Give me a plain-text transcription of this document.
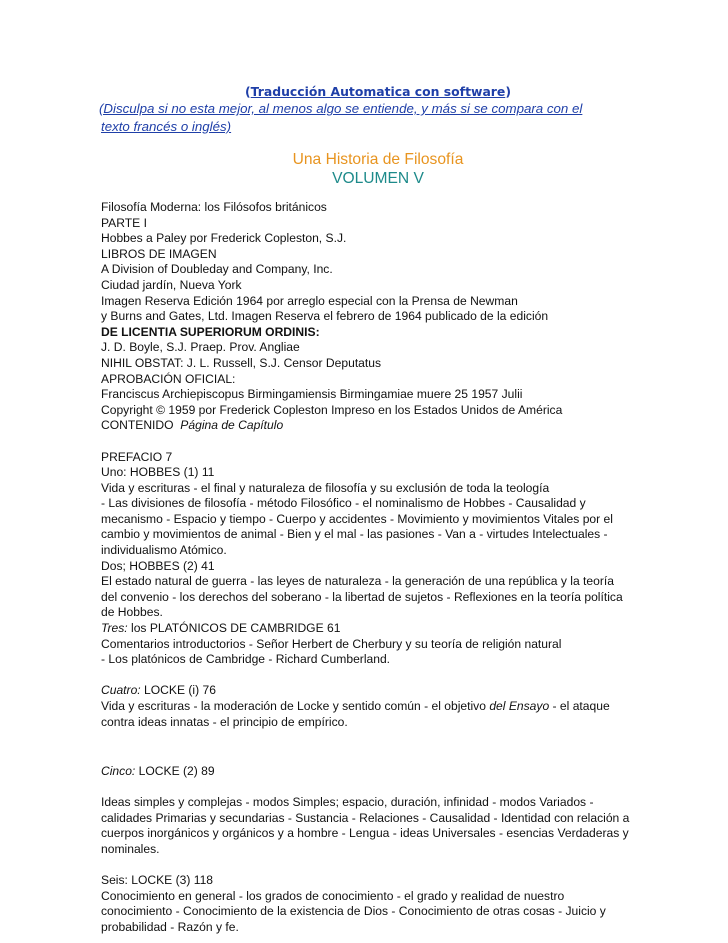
(Traducción Automatica con software)
(Disculpa si no esta mejor, al menos algo se entiende, y más si se compara con el
texto francés o inglés)
Una Historia de Filosofía
VOLUMEN V
Filosofía Moderna: los Filósofos británicos
PARTE I
Hobbes a Paley por Frederick Copleston, S.J.
LIBROS DE IMAGEN
A Division of Doubleday and Company, Inc.
Ciudad jardín, Nueva York
Imagen Reserva Edición 1964 por arreglo especial con la Prensa de Newman
y Burns and Gates, Ltd. Imagen Reserva el febrero de 1964 publicado de la edición
DE LICENTIA SUPERIORUM ORDINIS:
J. D. Boyle, S.J. Praep. Prov. Angliae
NIHIL OBSTAT: J. L. Russell, S.J. Censor Deputatus
APROBACIÓN OFICIAL:
Franciscus Archiepiscopus Birmingamiensis Birmingamiae muere 25 1957 Julii
Copyright © 1959 por Frederick Copleston Impreso en los Estados Unidos de América
CONTENIDO Página de Capítulo
PREFACIO 7
Uno: HOBBES (1) 11
Vida y escrituras - el final y naturaleza de filosofía y su exclusión de toda la teología
- Las divisiones de filosofía - método Filosófico - el nominalismo de Hobbes - Causalidad y
mecanismo - Espacio y tiempo - Cuerpo y accidentes - Movimiento y movimientos Vitales por el
cambio y movimientos de animal - Bien y el mal - las pasiones - Van a - virtudes Intelectuales -
individualismo Atómico.
Dos; HOBBES (2) 41
El estado natural de guerra - las leyes de naturaleza - la generación de una república y la teoría
del convenio - los derechos del soberano - la libertad de sujetos - Reflexiones en la teoría política
de Hobbes.
Tres: los PLATÓNICOS DE CAMBRIDGE 61
Comentarios introductorios - Señor Herbert de Cherbury y su teoría de religión natural
- Los platónicos de Cambridge - Richard Cumberland.
Cuatro: LOCKE (i) 76
Vida y escrituras - la moderación de Locke y sentido común - el objetivo del Ensayo - el ataque
contra ideas innatas - el principio de empírico.
Cinco: LOCKE (2) 89
Ideas simples y complejas - modos Simples; espacio, duración, infinidad - modos Variados -
calidades Primarias y secundarias - Sustancia - Relaciones - Causalidad - Identidad con relación a
cuerpos inorgánicos y orgánicos y a hombre - Lengua - ideas Universales - esencias Verdaderas y
nominales.
Seis: LOCKE (3) 118
Conocimiento en general - los grados de conocimiento - el grado y realidad de nuestro
conocimiento - Conocimiento de la existencia de Dios - Conocimiento de otras cosas - Juicio y
probabilidad - Razón y fe.
